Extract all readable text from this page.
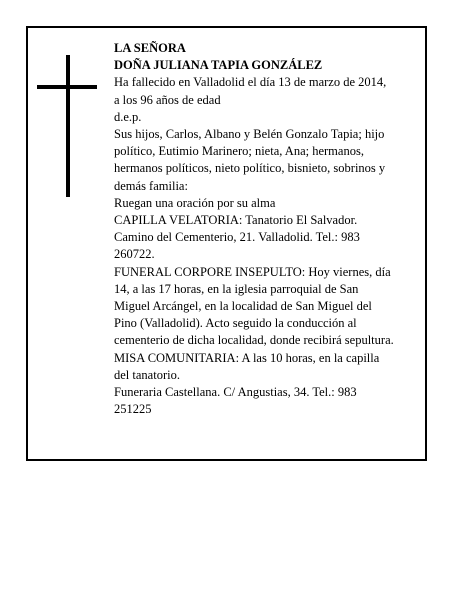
LA SEÑORA
DOÑA JULIANA TAPIA GONZÁLEZ
Ha fallecido en Valladolid el día 13 de marzo de 2014,
a los 96 años de edad
d.e.p.
Sus hijos, Carlos, Albano y Belén Gonzalo Tapia; hijo
político, Eutimio Marinero; nieta, Ana; hermanos,
hermanos políticos, nieto político, bisnieto, sobrinos y
demás familia:
Ruegan una oración por su alma
CAPILLA VELATORIA: Tanatorio El Salvador.
Camino del Cementerio, 21. Valladolid. Tel.: 983
260722.
FUNERAL CORPORE INSEPULTO: Hoy viernes, día
14, a las 17 horas, en la iglesia parroquial de San
Miguel Arcángel, en la localidad de San Miguel del
Pino (Valladolid). Acto seguido la conducción al
cementerio de dicha localidad, donde recibirá sepultura.
MISA COMUNITARIA: A las 10 horas, en la capilla
del tanatorio.
Funeraria Castellana. C/ Angustias, 34. Tel.: 983
251225
